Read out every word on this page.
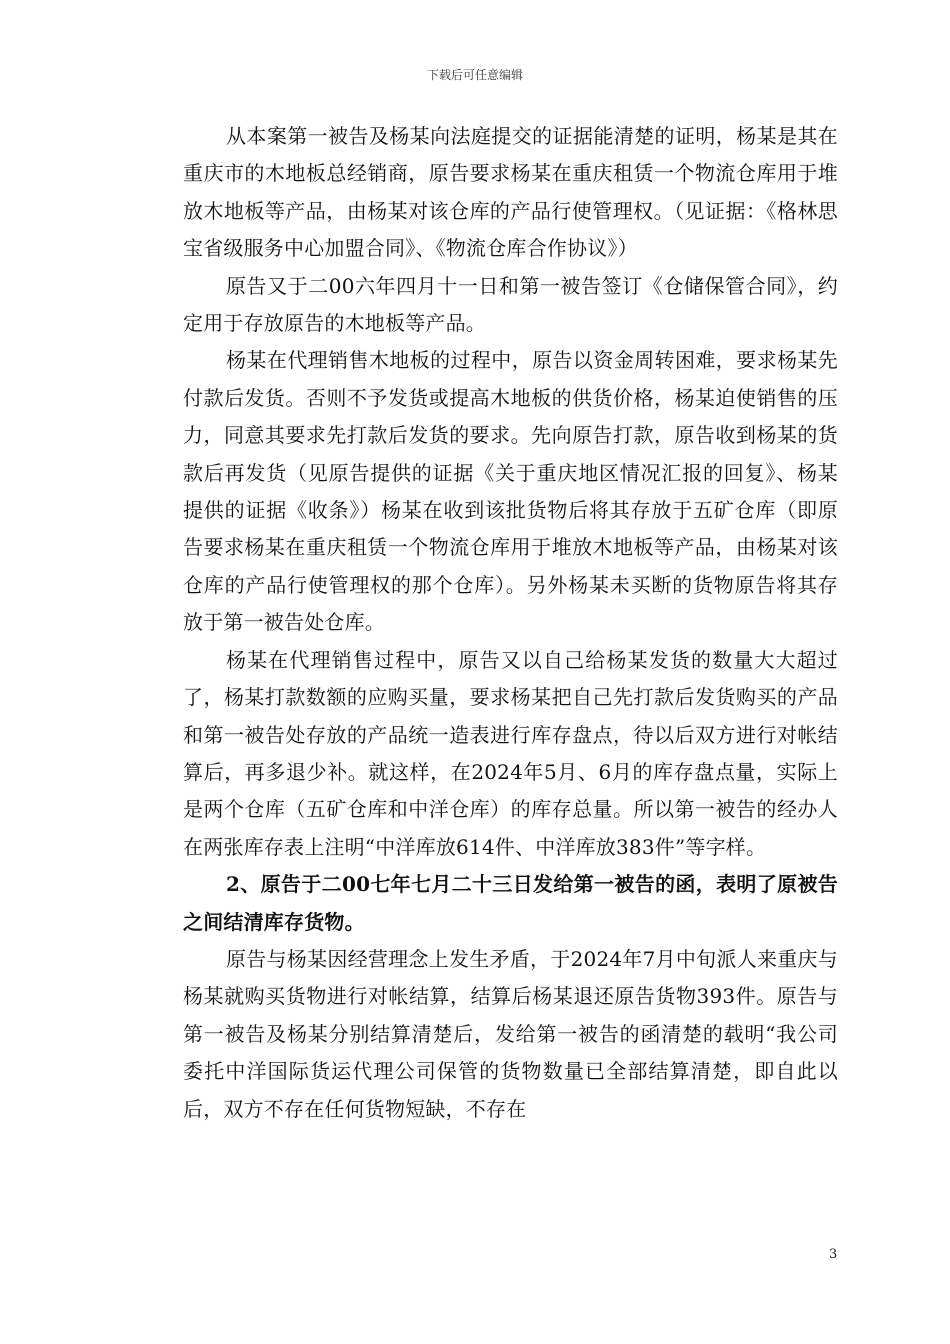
下载后可任意编辑

从本案第一被告及杨某向法庭提交的证据能清楚的证明，杨某是其在重庆市的木地板总经销商，原告要求杨某在重庆租赁一个物流仓库用于堆放木地板等产品，由杨某对该仓库的产品行使管理权。（见证据：《格林思宝省级服务中心加盟合同》、《物流仓库合作协议》）

原告又于二00六年四月十一日和第一被告签订《仓储保管合同》，约定用于存放原告的木地板等产品。

杨某在代理销售木地板的过程中，原告以资金周转困难，要求杨某先付款后发货。否则不予发货或提高木地板的供货价格，杨某迫使销售的压力，同意其要求先打款后发货的要求。先向原告打款，原告收到杨某的货款后再发货（见原告提供的证据《关于重庆地区情况汇报的回复》、杨某提供的证据《收条》）杨某在收到该批货物后将其存放于五矿仓库（即原告要求杨某在重庆租赁一个物流仓库用于堆放木地板等产品，由杨某对该仓库的产品行使管理权的那个仓库）。另外杨某未买断的货物原告将其存放于第一被告处仓库。

杨某在代理销售过程中，原告又以自己给杨某发货的数量大大超过了，杨某打款数额的应购买量，要求杨某把自己先打款后发货购买的产品和第一被告处存放的产品统一造表进行库存盘点，待以后双方进行对帐结算后，再多退少补。就这样，在2024年5月、6月的库存盘点量，实际上是两个仓库（五矿仓库和中洋仓库）的库存总量。所以第一被告的经办人在两张库存表上注明“中洋库放614件、中洋库放383件”等字样。

2、原告于二00七年七月二十三日发给第一被告的函，表明了原被告之间结清库存货物。

原告与杨某因经营理念上发生矛盾，于2024年7月中旬派人来重庆与杨某就购买货物进行对帐结算，结算后杨某退还原告货物393件。原告与第一被告及杨某分别结算清楚后，发给第一被告的函清楚的载明“我公司委托中洋国际货运代理公司保管的货物数量已全部结算清楚，即自此以后，双方不存在任何货物短缺，不存在

3
